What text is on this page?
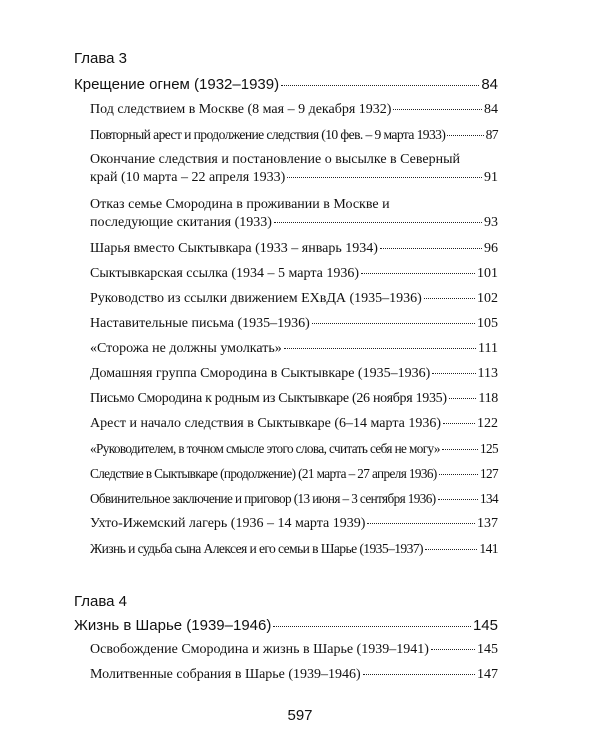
Глава 3
Крещение огнем (1932–1939)	84
Под следствием в Москве (8 мая – 9 декабря 1932)	84
Повторный арест и продолжение следствия (10 фев. – 9 марта 1933)	87
Окончание следствия и постановление о высылке в Северный
край (10 марта – 22 апреля 1933)	91
Отказ семье Смородина в проживании в Москве и
последующие скитания (1933)	93
Шарья вместо Сыктывкара (1933 – январь 1934)	96
Сыктывкарская ссылка (1934 – 5 марта 1936)	101
Руководство из ссылки движением ЕХвДА (1935–1936)	102
Наставительные письма (1935–1936)	105
«Сторожа не должны умолкать»	111
Домашняя группа Смородина в Сыктывкаре (1935–1936)	113
Письмо Смородина к родным из Сыктывкаре (26 ноября 1935) 118
Арест и начало следствия в Сыктывкаре (6–14 марта 1936)	122
«Руководителем, в точном смысле этого слова, считать себя не могу»	125
Следствие в Сыктывкаре (продолжение) (21 марта – 27 апреля 1936)	127
Обвинительное заключение и приговор (13 июня – 3 сентября 1936)	134
Ухто-Ижемский лагерь (1936 – 14 марта 1939)	137
Жизнь и судьба сына Алексея и его семьи в Шарье (1935–1937)	141
Глава 4
Жизнь в Шарье (1939–1946)	145
Освобождение Смородина и жизнь в Шарье (1939–1941)	145
Молитвенные собрания в Шарье (1939–1946)	147
597
